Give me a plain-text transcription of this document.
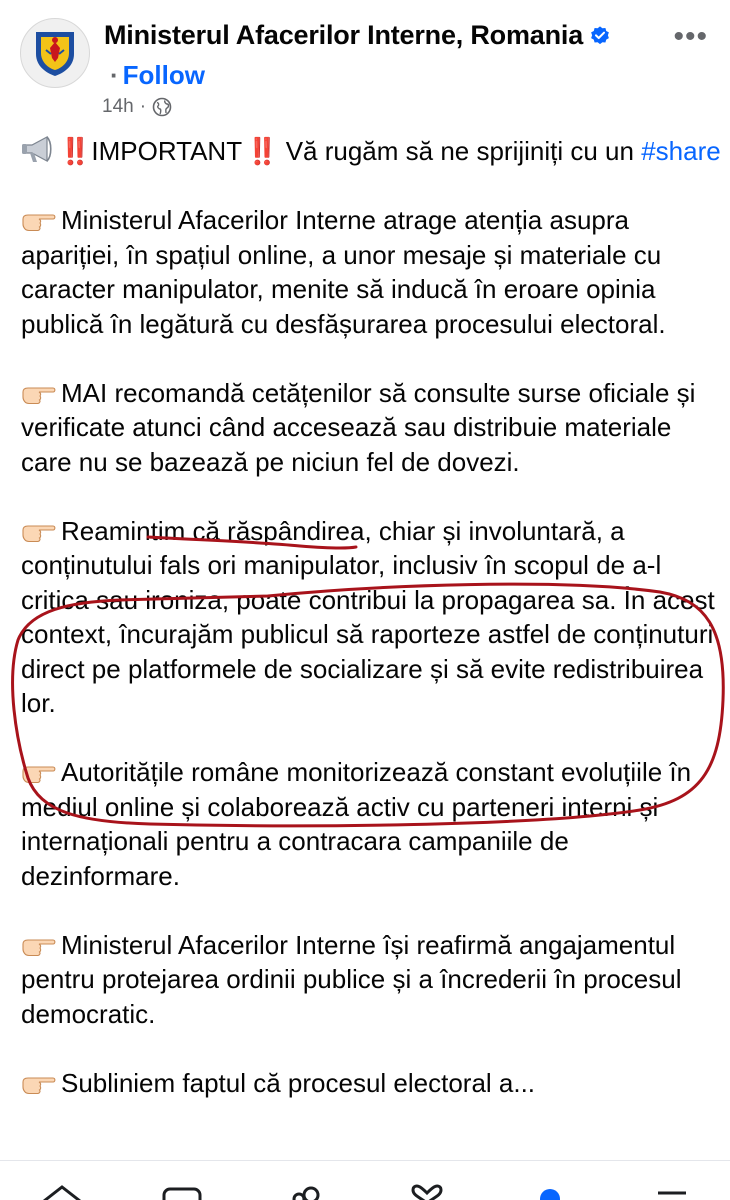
Ministerul Afacerilor Interne, Romania	•••
· Follow
14h ·
‼️ IMPORTANT ‼️ Vă rugăm să ne sprijiniți cu un #share
Ministerul Afacerilor Interne atrage atenția asupra apariției, în spațiul online, a unor mesaje și materiale cu caracter manipulator, menite să inducă în eroare opinia publică în legătură cu desfășurarea procesului electoral.
MAI recomandă cetățenilor să consulte surse oficiale și verificate atunci când accesează sau distribuie materiale care nu se bazează pe niciun fel de dovezi.
Reamintim că răspândirea, chiar și involuntară, a conținutului fals ori manipulator, inclusiv în scopul de a-l critica sau ironiza, poate contribui la propagarea sa. În acest context, încurajăm publicul să raporteze astfel de conținuturi direct pe platformele de socializare și să evite redistribuirea lor.
Autoritățile române monitorizează constant evoluțiile în mediul online și colaborează activ cu parteneri interni și internaționali pentru a contracara campaniile de dezinformare.
Ministerul Afacerilor Interne își reafirmă angajamentul pentru protejarea ordinii publice și a încrederii în procesul democratic.
Subliniem faptul că procesul electoral a...
